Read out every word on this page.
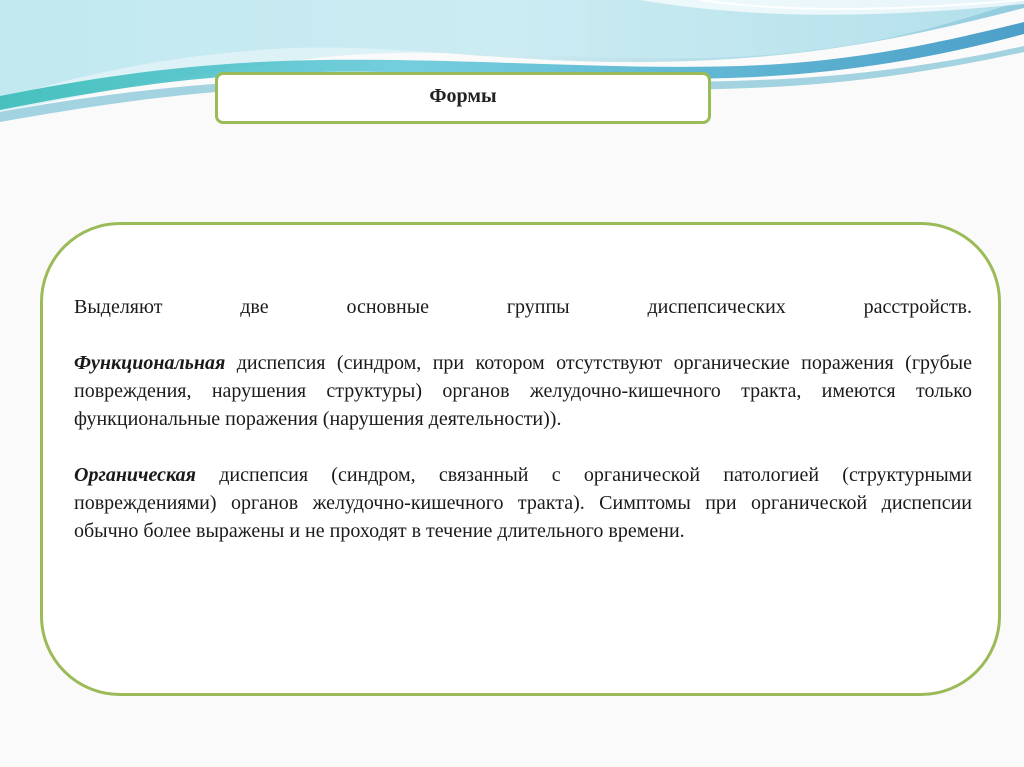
Формы

Выделяют две основные группы диспепсических расстройств.

Функциональная диспепсия (синдром, при котором отсутствуют органические поражения (грубые повреждения, нарушения структуры) органов желудочно-кишечного тракта, имеются только функциональные поражения (нарушения деятельности)).

Органическая диспепсия (синдром, связанный с органической патологией (структурными повреждениями) органов желудочно-кишечного тракта). Симптомы при органической диспепсии обычно более выражены и не проходят в течение длительного времени.
